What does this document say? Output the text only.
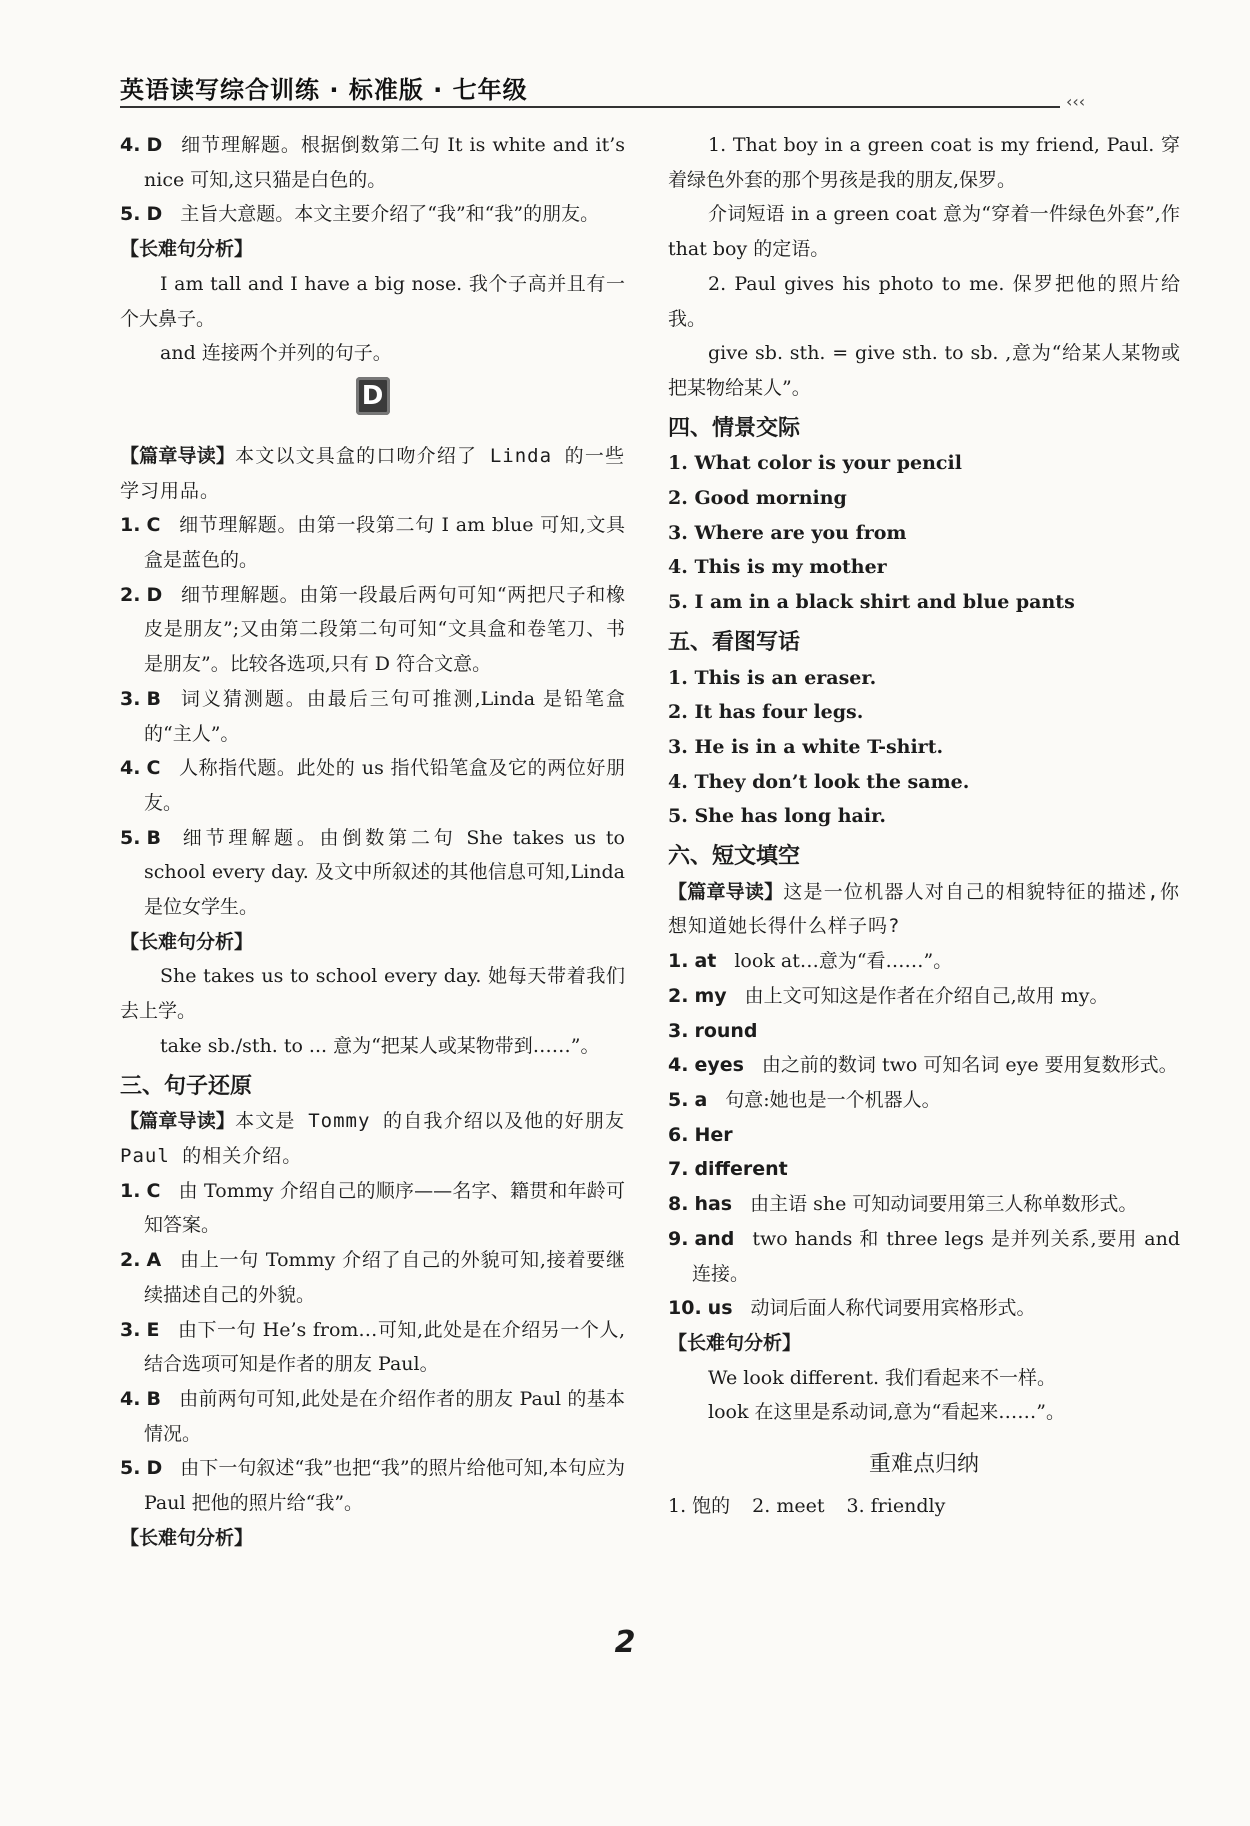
英语读写综合训练 · 标准版 · 七年级	‹‹‹
4. D 细节理解题。根据倒数第二句 It is white and it’s nice 可知,这只猫是白色的。
5. D 主旨大意题。本文主要介绍了“我”和“我”的朋友。
【长难句分析】
I am tall and I have a big nose. 我个子高并且有一个大鼻子。
and 连接两个并列的句子。
D
【篇章导读】本文以文具盒的口吻介绍了 Linda 的一些学习用品。
1. C 细节理解题。由第一段第二句 I am blue 可知,文具盒是蓝色的。
2. D 细节理解题。由第一段最后两句可知“两把尺子和橡皮是朋友”;又由第二段第二句可知“文具盒和卷笔刀、书是朋友”。比较各选项,只有 D 符合文意。
3. B 词义猜测题。由最后三句可推测,Linda 是铅笔盒的“主人”。
4. C 人称指代题。此处的 us 指代铅笔盒及它的两位好朋友。
5. B 细节理解题。由倒数第二句 She takes us to school every day. 及文中所叙述的其他信息可知,Linda 是位女学生。
【长难句分析】
She takes us to school every day. 她每天带着我们去上学。
take sb./sth. to ... 意为“把某人或某物带到……”。
三、句子还原
【篇章导读】本文是 Tommy 的自我介绍以及他的好朋友 Paul 的相关介绍。
1. C 由 Tommy 介绍自己的顺序——名字、籍贯和年龄可知答案。
2. A 由上一句 Tommy 介绍了自己的外貌可知,接着要继续描述自己的外貌。
3. E 由下一句 He’s from…可知,此处是在介绍另一个人,结合选项可知是作者的朋友 Paul。
4. B 由前两句可知,此处是在介绍作者的朋友 Paul 的基本情况。
5. D 由下一句叙述“我”也把“我”的照片给他可知,本句应为 Paul 把他的照片给“我”。
【长难句分析】
1. That boy in a green coat is my friend, Paul. 穿着绿色外套的那个男孩是我的朋友,保罗。
介词短语 in a green coat 意为“穿着一件绿色外套”,作 that boy 的定语。
2. Paul gives his photo to me. 保罗把他的照片给我。
give sb. sth. = give sth. to sb. ,意为“给某人某物或把某物给某人”。
四、情景交际
1. What color is your pencil
2. Good morning
3. Where are you from
4. This is my mother
5. I am in a black shirt and blue pants
五、看图写话
1. This is an eraser.
2. It has four legs.
3. He is in a white T-shirt.
4. They don’t look the same.
5. She has long hair.
六、短文填空
【篇章导读】这是一位机器人对自己的相貌特征的描述,你想知道她长得什么样子吗?
1. at look at…意为“看……”。
2. my 由上文可知这是作者在介绍自己,故用 my。
3. round
4. eyes 由之前的数词 two 可知名词 eye 要用复数形式。
5. a 句意:她也是一个机器人。
6. Her
7. different
8. has 由主语 she 可知动词要用第三人称单数形式。
9. and two hands 和 three legs 是并列关系,要用 and 连接。
10. us 动词后面人称代词要用宾格形式。
【长难句分析】
We look different. 我们看起来不一样。
look 在这里是系动词,意为“看起来……”。
重难点归纳
1. 饱的 2. meet 3. friendly
2
